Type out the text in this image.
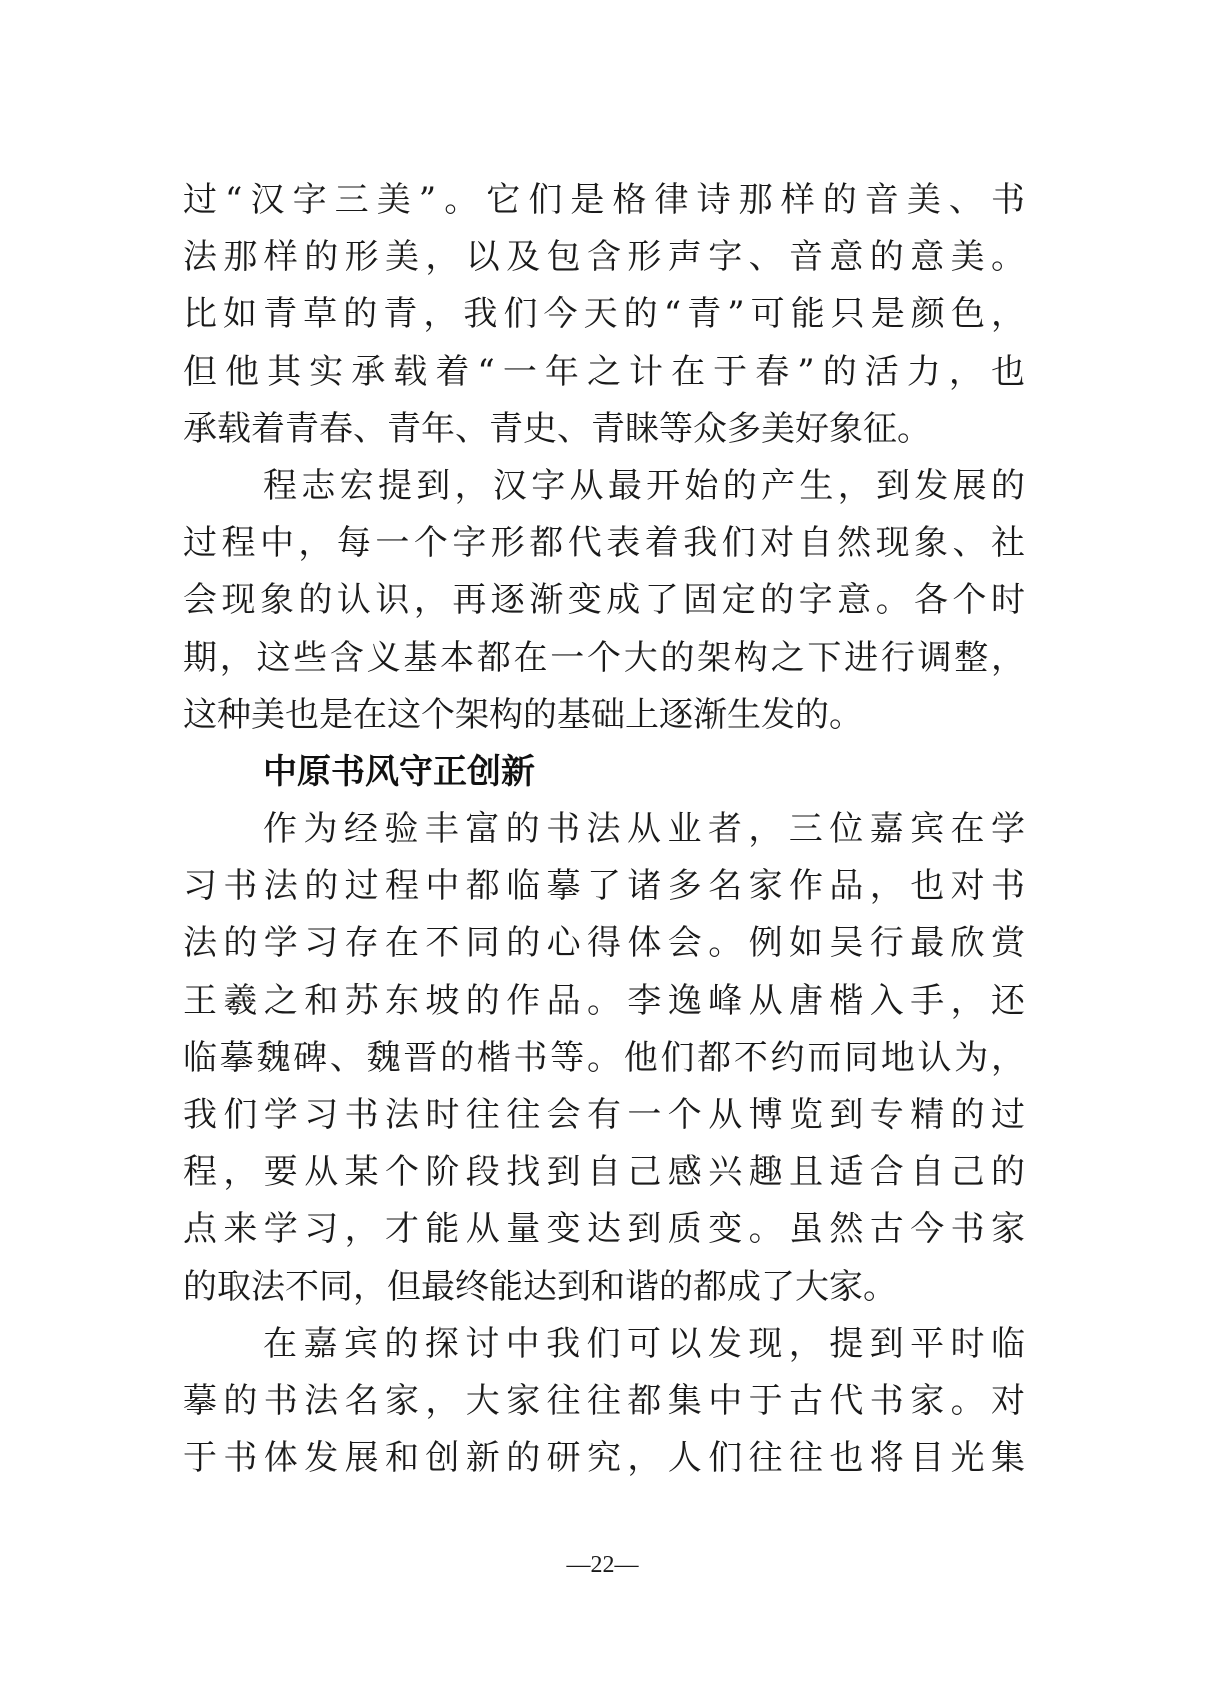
过“汉字三美”。它们是格律诗那样的音美、书
法那样的形美，以及包含形声字、音意的意美。
比如青草的青，我们今天的“青”可能只是颜色，
但他其实承载着“一年之计在于春”的活力，也
承载着青春、青年、青史、青睐等众多美好象征。
程志宏提到，汉字从最开始的产生，到发展的
过程中，每一个字形都代表着我们对自然现象、社
会现象的认识，再逐渐变成了固定的字意。各个时
期，这些含义基本都在一个大的架构之下进行调整，
这种美也是在这个架构的基础上逐渐生发的。
中原书风守正创新
作为经验丰富的书法从业者，三位嘉宾在学
习书法的过程中都临摹了诸多名家作品，也对书
法的学习存在不同的心得体会。例如吴行最欣赏
王羲之和苏东坡的作品。李逸峰从唐楷入手，还
临摹魏碑、魏晋的楷书等。他们都不约而同地认为，
我们学习书法时往往会有一个从博览到专精的过
程，要从某个阶段找到自己感兴趣且适合自己的
点来学习，才能从量变达到质变。虽然古今书家
的取法不同，但最终能达到和谐的都成了大家。
在嘉宾的探讨中我们可以发现，提到平时临
摹的书法名家，大家往往都集中于古代书家。对
于书体发展和创新的研究，人们往往也将目光集
—22—
